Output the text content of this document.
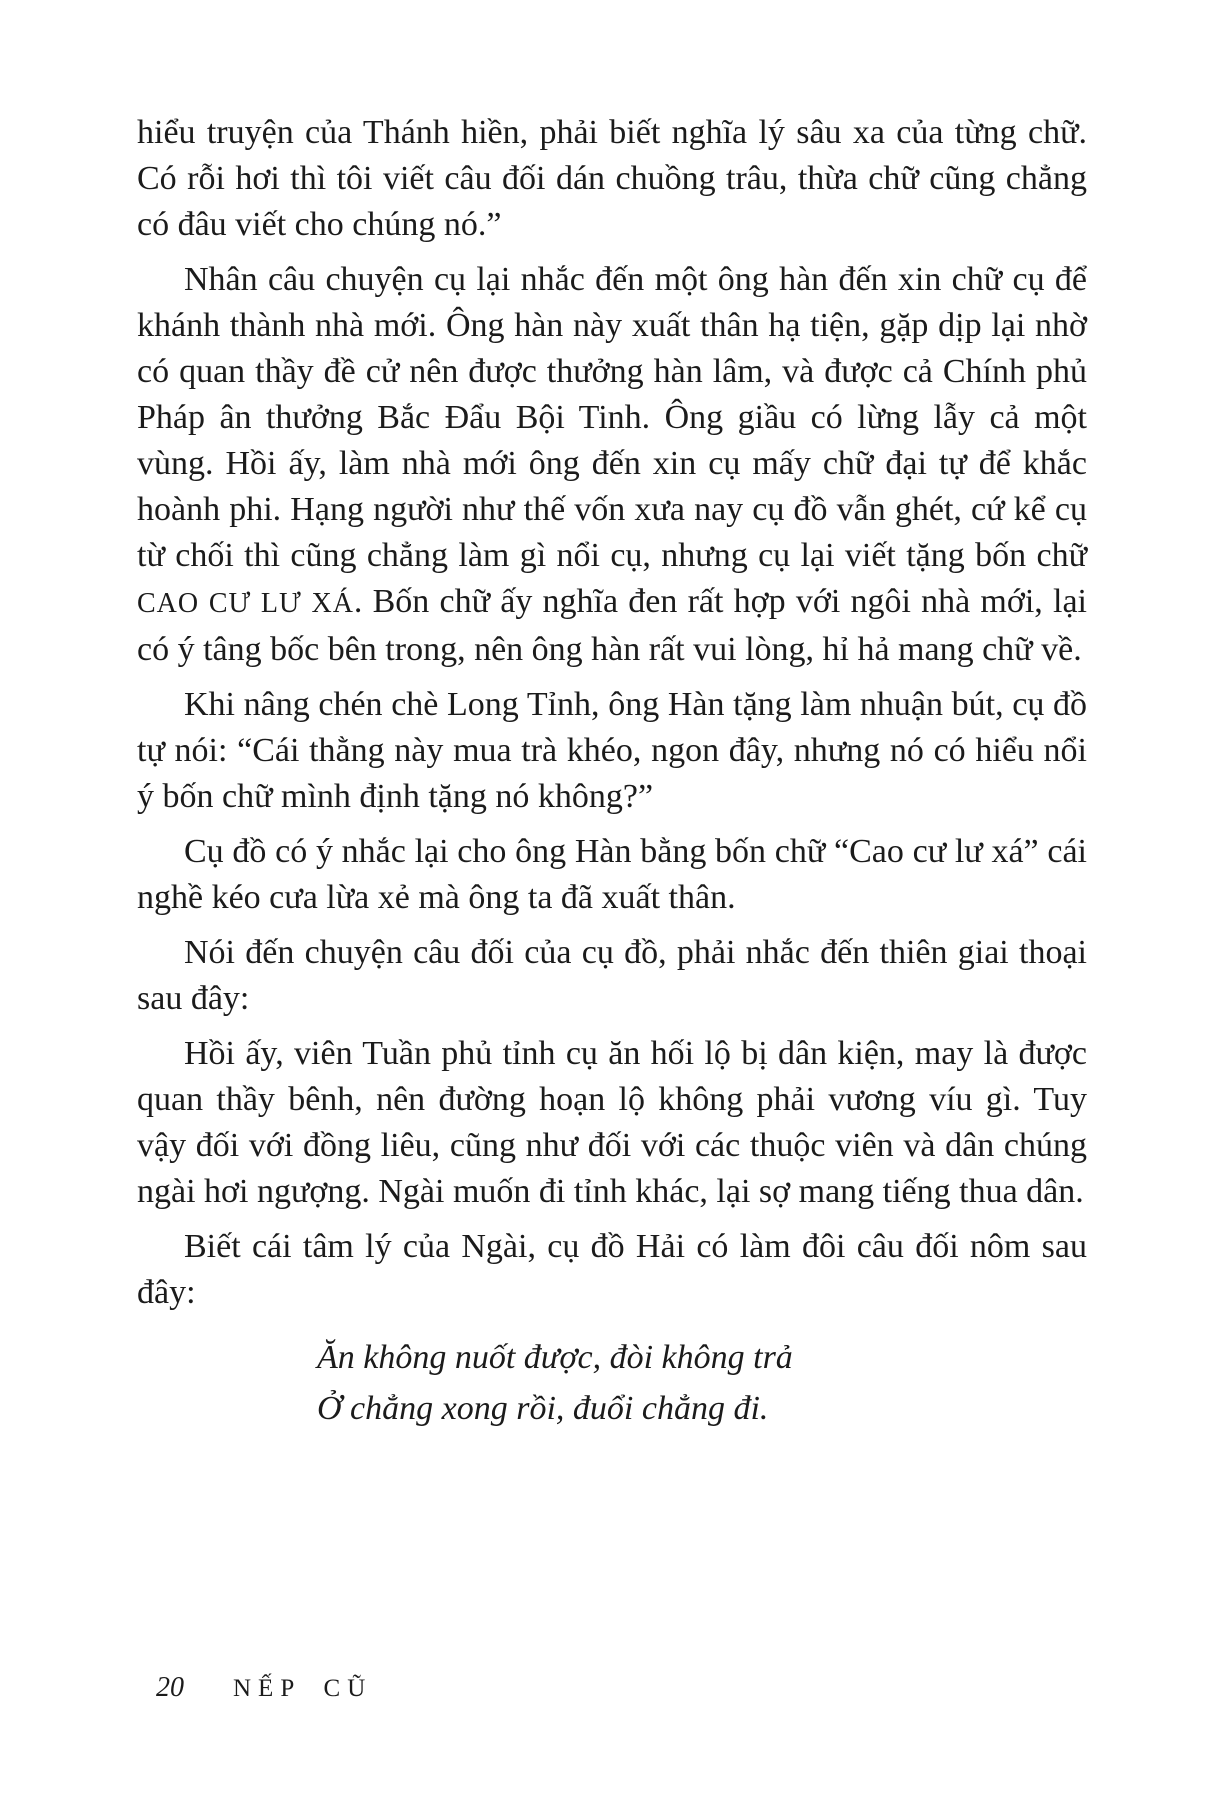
hiểu truyện của Thánh hiền, phải biết nghĩa lý sâu xa của từng chữ. Có rỗi hơi thì tôi viết câu đối dán chuồng trâu, thừa chữ cũng chẳng có đâu viết cho chúng nó.”

Nhân câu chuyện cụ lại nhắc đến một ông hàn đến xin chữ cụ để khánh thành nhà mới. Ông hàn này xuất thân hạ tiện, gặp dịp lại nhờ có quan thầy đề cử nên được thưởng hàn lâm, và được cả Chính phủ Pháp ân thưởng Bắc Đẩu Bội Tinh. Ông giầu có lừng lẫy cả một vùng. Hồi ấy, làm nhà mới ông đến xin cụ mấy chữ đại tự để khắc hoành phi. Hạng người như thế vốn xưa nay cụ đồ vẫn ghét, cứ kể cụ từ chối thì cũng chẳng làm gì nổi cụ, nhưng cụ lại viết tặng bốn chữ CAO CƯ LƯ XÁ. Bốn chữ ấy nghĩa đen rất hợp với ngôi nhà mới, lại có ý tâng bốc bên trong, nên ông hàn rất vui lòng, hỉ hả mang chữ về.

Khi nâng chén chè Long Tỉnh, ông Hàn tặng làm nhuận bút, cụ đồ tự nói: “Cái thằng này mua trà khéo, ngon đây, nhưng nó có hiểu nổi ý bốn chữ mình định tặng nó không?”

Cụ đồ có ý nhắc lại cho ông Hàn bằng bốn chữ “Cao cư lư xá” cái nghề kéo cưa lừa xẻ mà ông ta đã xuất thân.

Nói đến chuyện câu đối của cụ đồ, phải nhắc đến thiên giai thoại sau đây:

Hồi ấy, viên Tuần phủ tỉnh cụ ăn hối lộ bị dân kiện, may là được quan thầy bênh, nên đường hoạn lộ không phải vương víu gì. Tuy vậy đối với đồng liêu, cũng như đối với các thuộc viên và dân chúng ngài hơi ngượng. Ngài muốn đi tỉnh khác, lại sợ mang tiếng thua dân.

Biết cái tâm lý của Ngài, cụ đồ Hải có làm đôi câu đối nôm sau đây:

Ăn không nuốt được, đòi không trả
Ở chẳng xong rồi, đuổi chẳng đi.
20 NẾP CŨ
